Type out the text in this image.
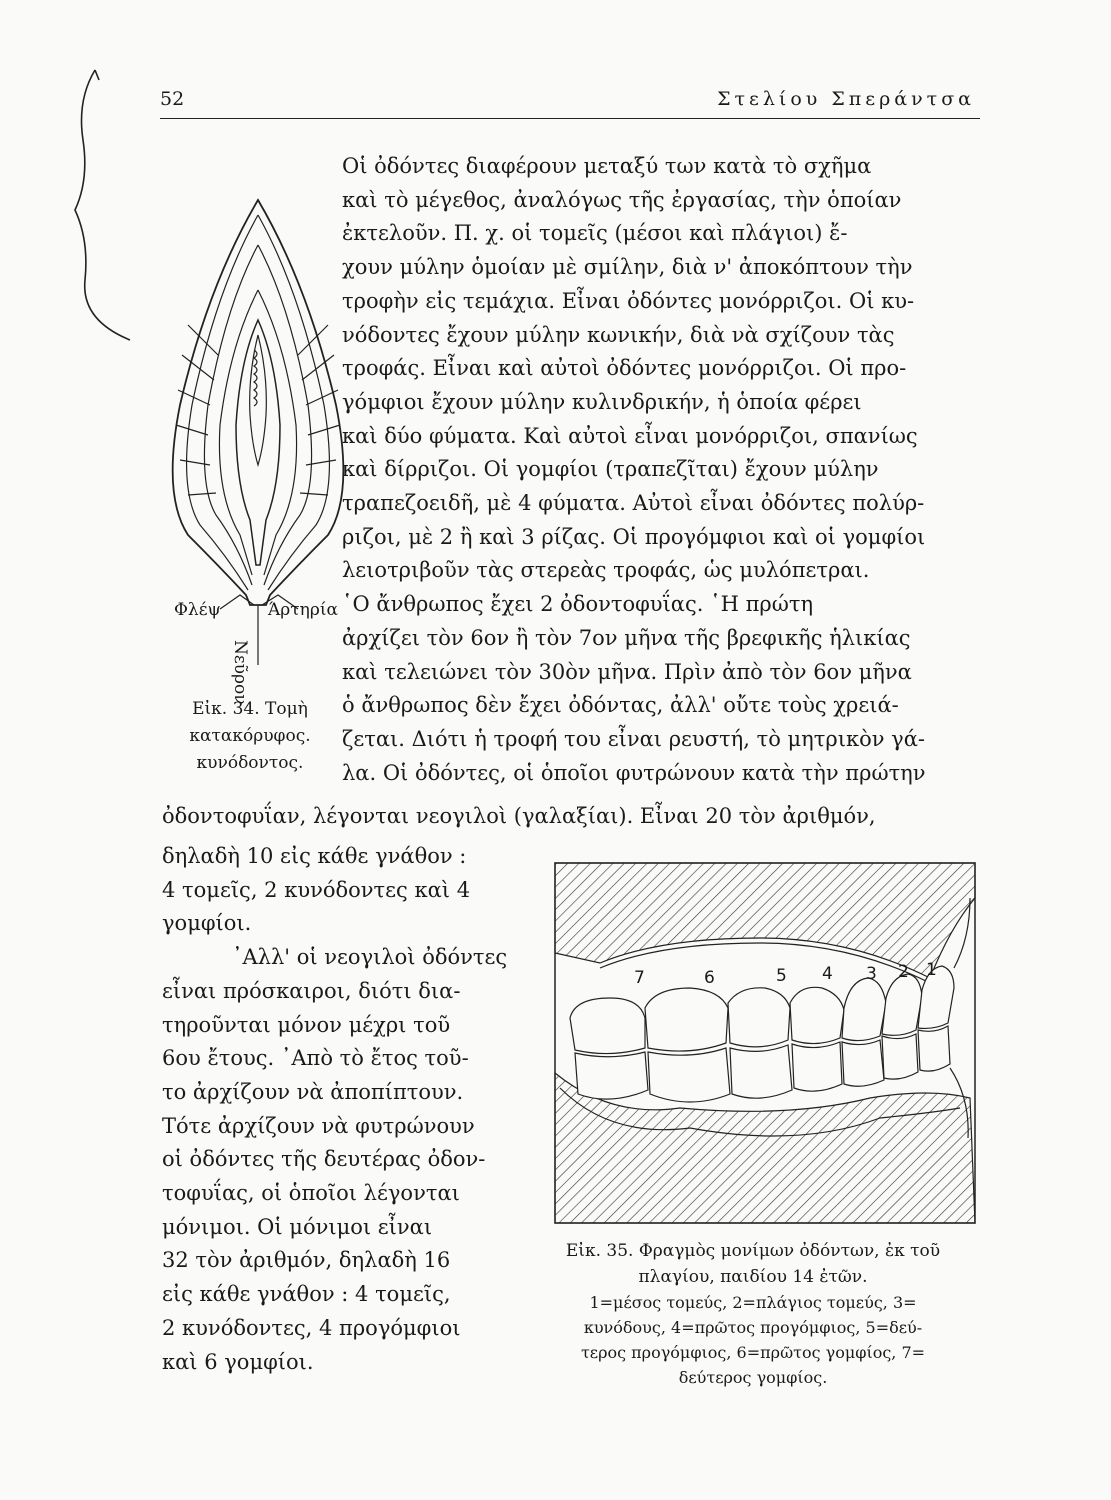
52	Στελίου Σπεράντσα
Φλέψ	Άρτηρία
Νεῦρον
Εἰκ. 34. Τομὴ
κατακόρυφος.
κυνόδοντος.
Οἱ ὀδόντες διαφέρουν μεταξύ των κατὰ τὸ σχῆμα
καὶ τὸ μέγεθος, ἀναλόγως τῆς ἐργασίας, τὴν ὁποίαν
ἐκτελοῦν. Π. χ. οἱ τομεῖς (μέσοι καὶ πλάγιοι) ἔ-
χουν μύλην ὁμοίαν μὲ σμίλην, διὰ ν' ἀποκόπτουν τὴν
τροφὴν εἰς τεμάχια. Εἶναι ὀδόντες μονόρριζοι. Οἱ κυ-
νόδοντες ἔχουν μύλην κωνικήν, διὰ νὰ σχίζουν τὰς
τροφάς. Εἶναι καὶ αὐτοὶ ὀδόντες μονόρριζοι. Οἱ προ-
γόμφιοι ἔχουν μύλην κυλινδρικήν, ἡ ὁποία φέρει
καὶ δύο φύματα. Καὶ αὐτοὶ εἶναι μονόρριζοι, σπανίως
καὶ δίρριζοι. Οἱ γομφίοι (τραπεζῖται) ἔχουν μύλην
τραπεζοειδῆ, μὲ 4 φύματα. Αὐτοὶ εἶναι ὀδόντες πολύρ-
ριζοι, μὲ 2 ἢ καὶ 3 ρίζας. Οἱ προγόμφιοι καὶ οἱ γομφίοι
λειοτριβοῦν τὰς στερεὰς τροφάς, ὡς μυλόπετραι.
῾Ο ἄνθρωπος ἔχει 2 ὀδοντοφυΐας. ῾Η πρώτη
ἀρχίζει τὸν 6ον ἢ τὸν 7ον μῆνα τῆς βρεφικῆς ἡλικίας
καὶ τελειώνει τὸν 30ὸν μῆνα. Πρὶν ἀπὸ τὸν 6ον μῆνα
ὁ ἄνθρωπος δὲν ἔχει ὀδόντας, ἀλλ' οὔτε τοὺς χρειά-
ζεται. Διότι ἡ τροφή του εἶναι ρευστή, τὸ μητρικὸν γά-
λα. Οἱ ὀδόντες, οἱ ὁποῖοι φυτρώνουν κατὰ τὴν πρώτην
ὀδοντοφυΐαν, λέγονται νεογιλοὶ (γαλαξίαι). Εἶναι 20 τὸν ἀριθμόν,
δηλαδὴ 10 εἰς κάθε γνάθον :
4 τομεῖς, 2 κυνόδοντες καὶ 4
γομφίοι.
᾿Αλλ' οἱ νεογιλοὶ ὀδόντες
εἶναι πρόσκαιροι, διότι δια-
τηροῦνται μόνον μέχρι τοῦ
6ου ἔτους. ᾿Απὸ τὸ ἔτος τοῦ-
το ἀρχίζουν νὰ ἀποπίπτουν.
Τότε ἀρχίζουν νὰ φυτρώνουν
οἱ ὀδόντες τῆς δευτέρας ὀδον-
τοφυΐας, οἱ ὁποῖοι λέγονται
μόνιμοι. Οἱ μόνιμοι εἶναι
32 τὸν ἀριθμόν, δηλαδὴ 16
εἰς κάθε γνάθον : 4 τομεῖς,
2 κυνόδοντες, 4 προγόμφιοι
καὶ 6 γομφίοι.
7	6	5 4 3 2 1
Εἰκ. 35. Φραγμὸς μονίμων ὀδόντων, ἐκ τοῦ
πλαγίου, παιδίου 14 ἐτῶν.
1=μέσος τομεύς, 2=πλάγιος τομεύς, 3=
κυνόδους, 4=πρῶτος προγόμφιος, 5=δεύ-
τερος προγόμφιος, 6=πρῶτος γομφίος, 7=
δεύτερος γομφίος.
